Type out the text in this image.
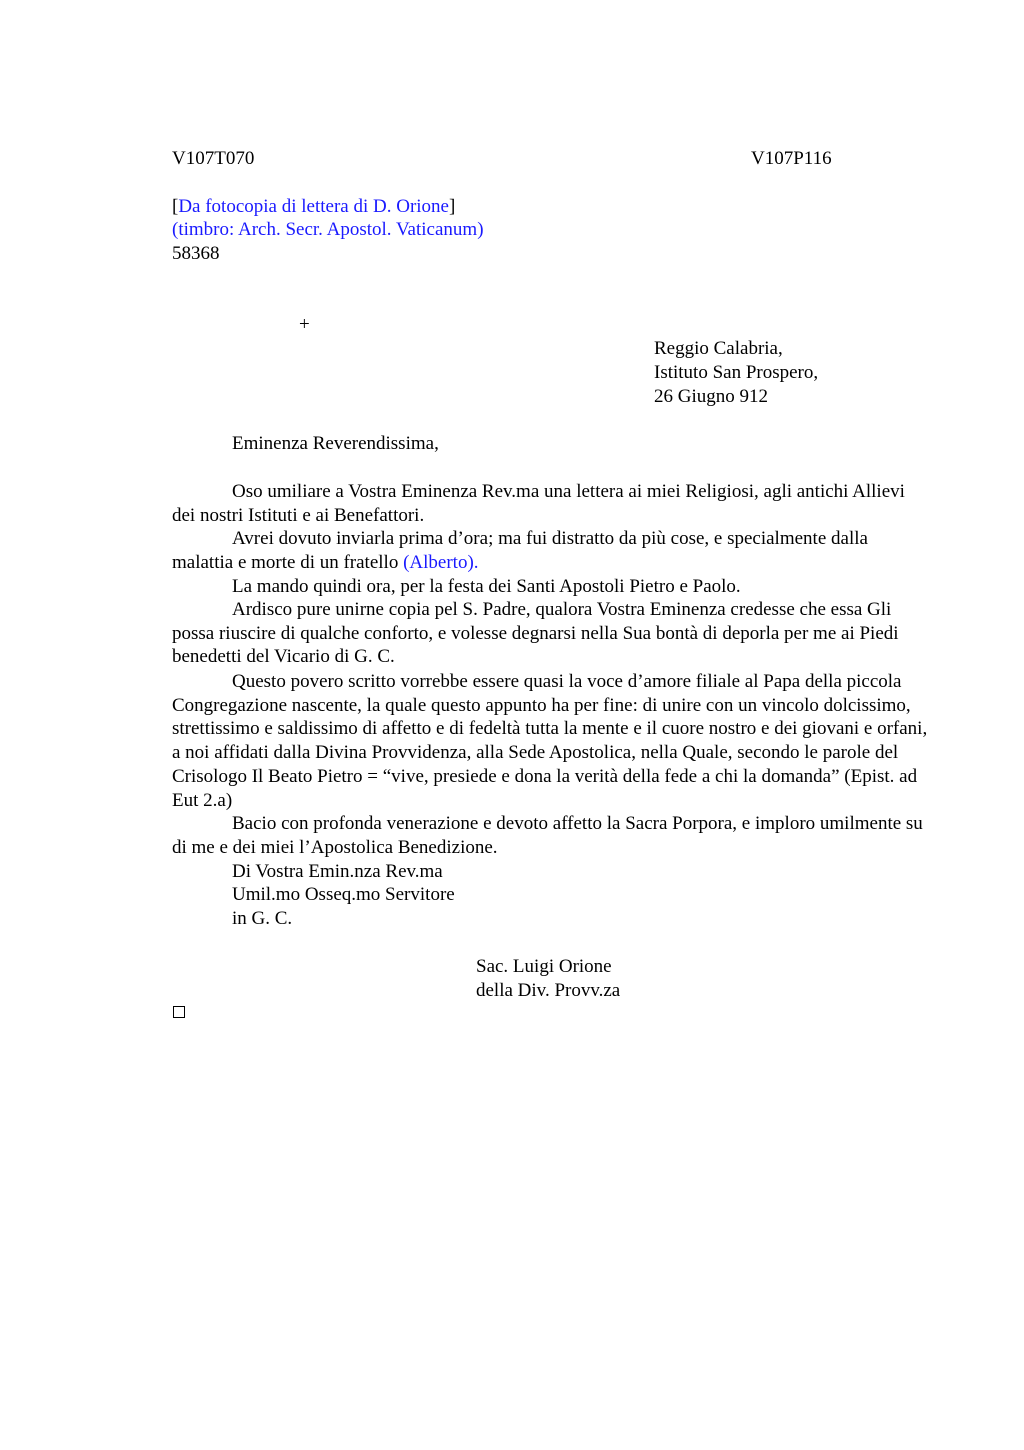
V107T070	V107P116
[Da fotocopia di lettera di D. Orione]
(timbro: Arch. Secr. Apostol. Vaticanum)
58368
+
Reggio Calabria,
Istituto San Prospero,
26 Giugno 912
Eminenza Reverendissima,

Oso umiliare a Vostra Eminenza Rev.ma una lettera ai miei Religiosi, agli antichi Allievi dei nostri Istituti e ai Benefattori.

Avrei dovuto inviarla prima d’ora; ma fui distratto da più cose, e specialmente dalla malattia e morte di un fratello (Alberto).

La mando quindi ora, per la festa dei Santi Apostoli Pietro e Paolo.

Ardisco pure unirne copia pel S. Padre, qualora Vostra Eminenza credesse che essa Gli possa riuscire di qualche conforto, e volesse degnarsi nella Sua bontà di deporla per me ai Piedi benedetti del Vicario di G. C.

Questo povero scritto vorrebbe essere quasi la voce d’amore filiale al Papa della piccola Congregazione nascente, la quale questo appunto ha per fine: di unire con un vincolo dolcissimo, strettissimo e saldissimo di affetto e di fedeltà tutta la mente e il cuore nostro e dei giovani e orfani, a noi affidati dalla Divina Provvidenza, alla Sede Apostolica, nella Quale, secondo le parole del Crisologo Il Beato Pietro = “vive, presiede e dona la verità della fede a chi la domanda” (Epist. ad Eut 2.a)

Bacio con profonda venerazione e devoto affetto la Sacra Porpora, e imploro umilmente su di me e dei miei l’Apostolica Benedizione.

Di Vostra Emin.nza Rev.ma
Umil.mo Osseq.mo Servitore
in G. C.
Sac. Luigi Orione
della Div. Provv.za
